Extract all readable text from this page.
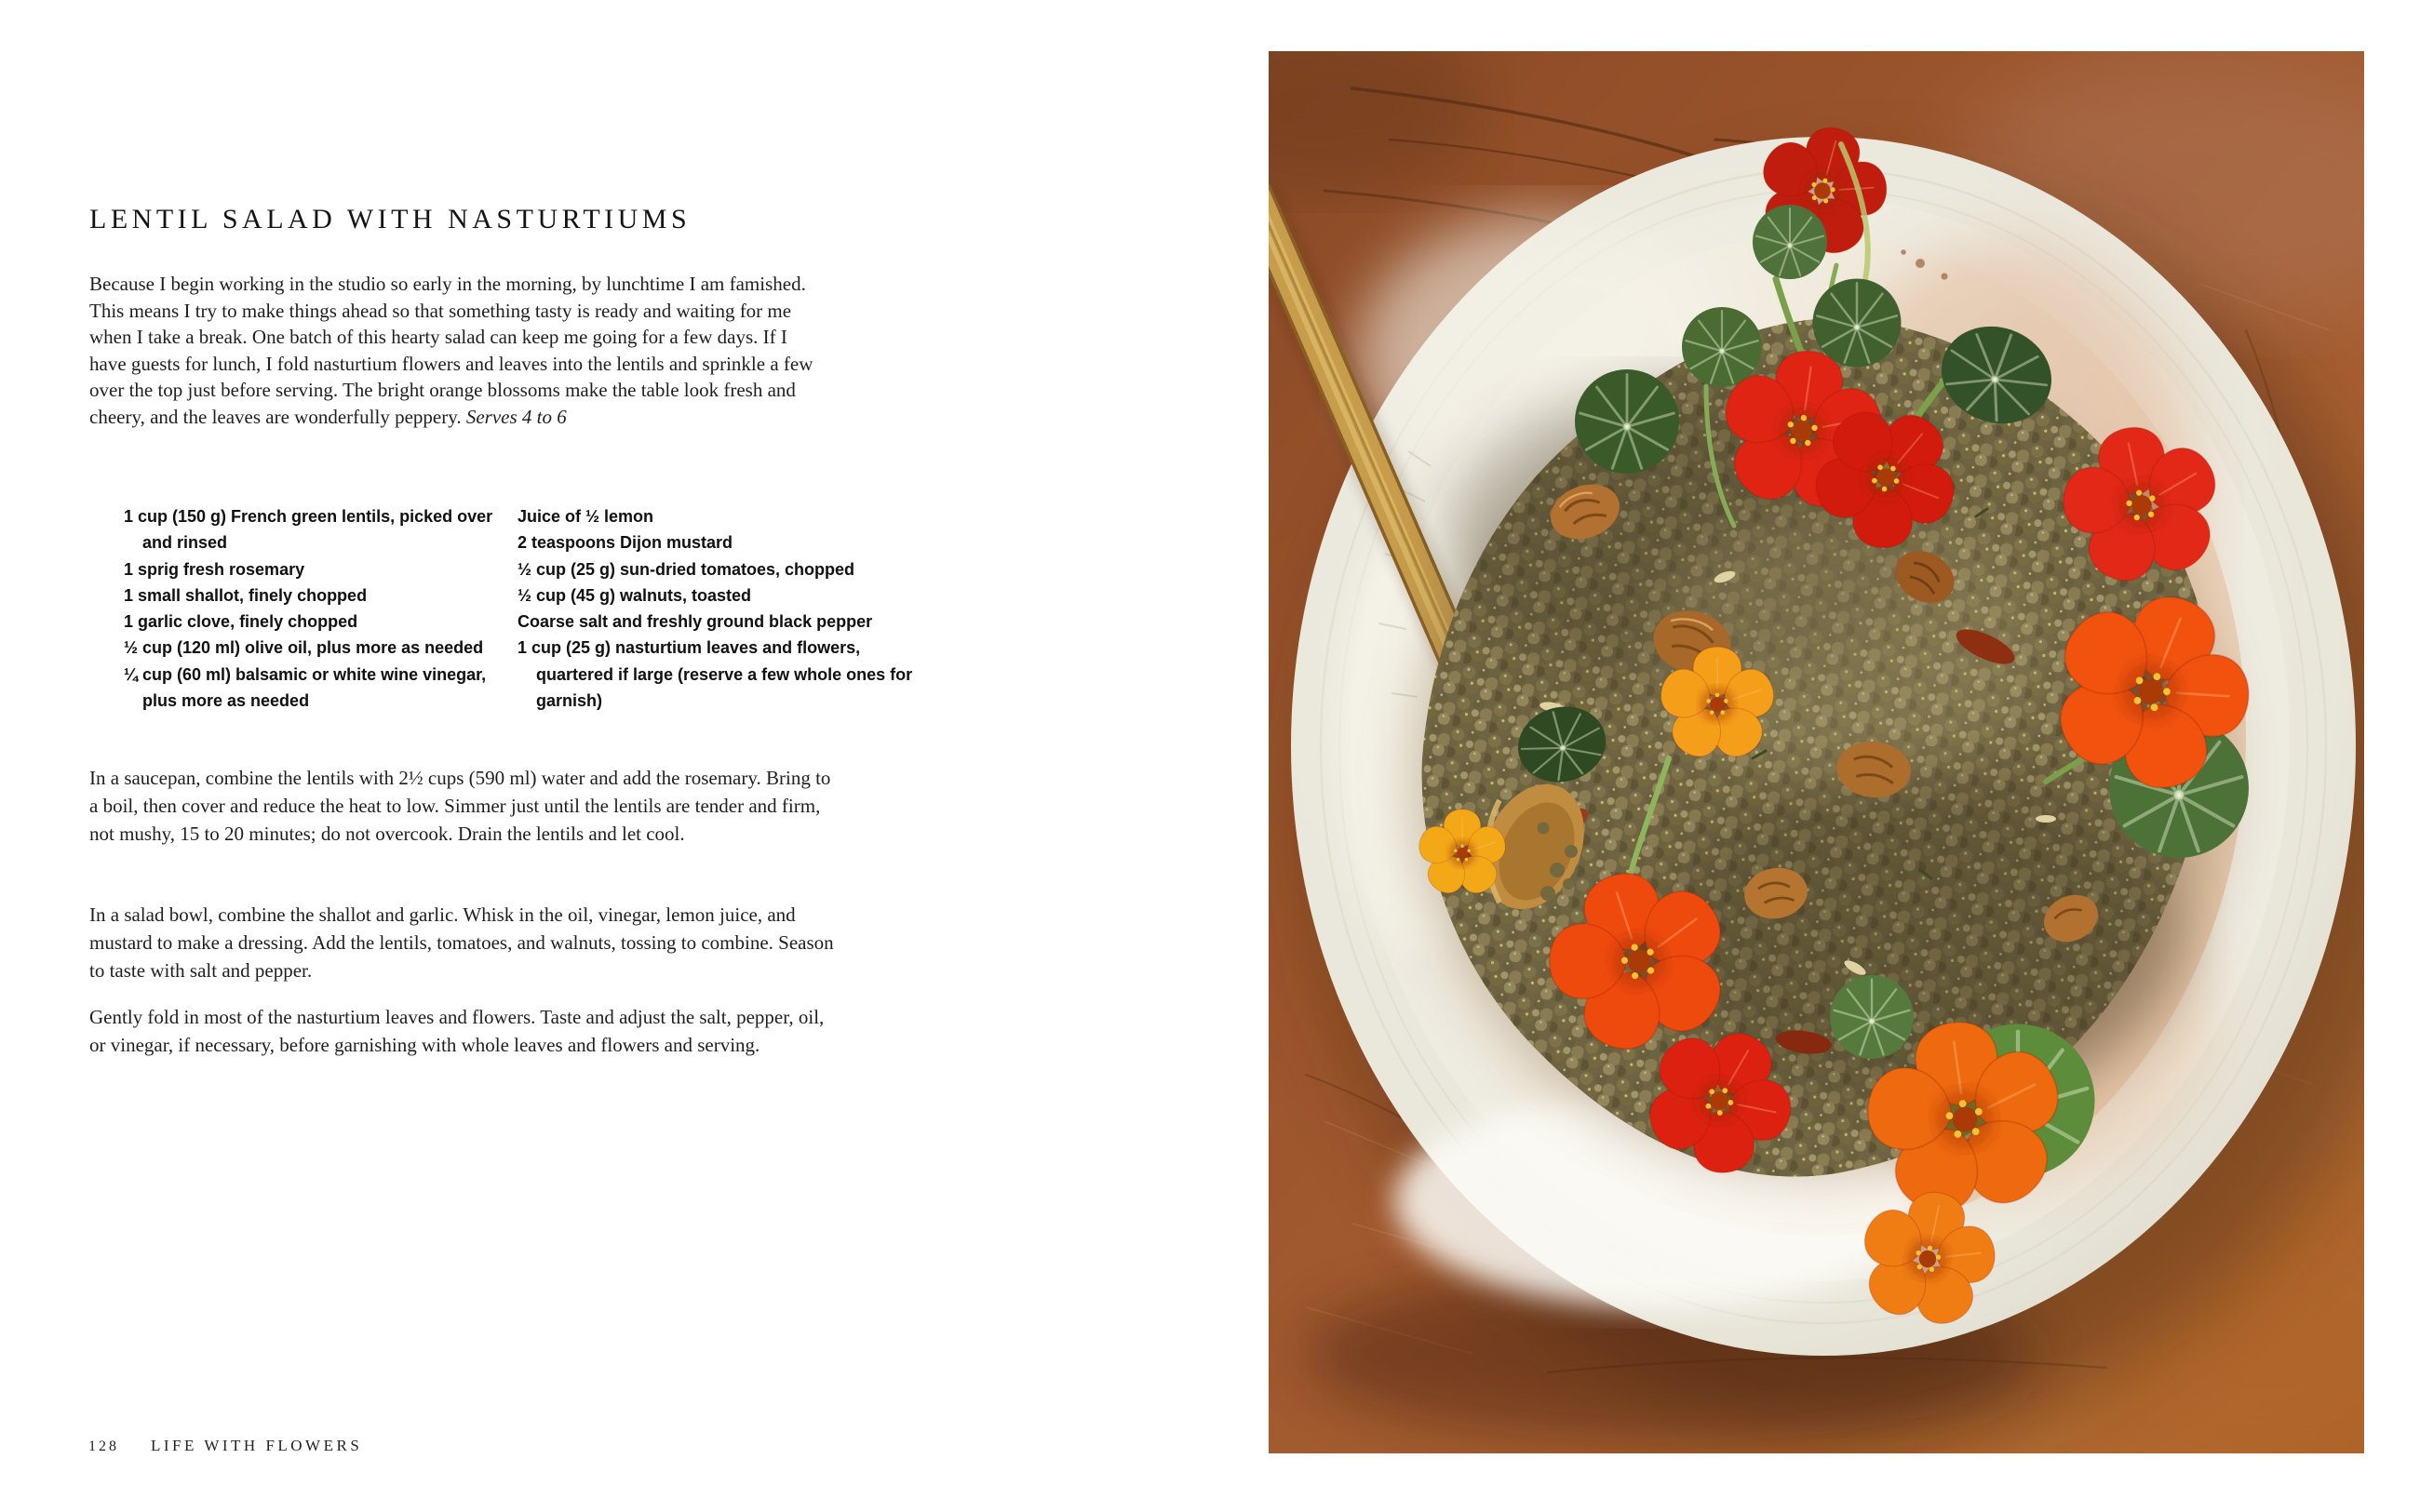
LENTIL SALAD WITH NASTURTIUMS

Because I begin working in the studio so early in the morning, by lunchtime I am famished. This means I try to make things ahead so that something tasty is ready and waiting for me when I take a break. One batch of this hearty salad can keep me going for a few days. If I have guests for lunch, I fold nasturtium flowers and leaves into the lentils and sprinkle a few over the top just before serving. The bright orange blossoms make the table look fresh and cheery, and the leaves are wonderfully peppery. Serves 4 to 6

1 cup (150 g) French green lentils, picked over and rinsed
1 sprig fresh rosemary
1 small shallot, finely chopped
1 garlic clove, finely chopped
½ cup (120 ml) olive oil, plus more as needed
¼ cup (60 ml) balsamic or white wine vinegar, plus more as needed
Juice of ½ lemon
2 teaspoons Dijon mustard
½ cup (25 g) sun-dried tomatoes, chopped
½ cup (45 g) walnuts, toasted
Coarse salt and freshly ground black pepper
1 cup (25 g) nasturtium leaves and flowers, quartered if large (reserve a few whole ones for garnish)

In a saucepan, combine the lentils with 2½ cups (590 ml) water and add the rosemary. Bring to a boil, then cover and reduce the heat to low. Simmer just until the lentils are tender and firm, not mushy, 15 to 20 minutes; do not overcook. Drain the lentils and let cool.

In a salad bowl, combine the shallot and garlic. Whisk in the oil, vinegar, lemon juice, and mustard to make a dressing. Add the lentils, tomatoes, and walnuts, tossing to combine. Season to taste with salt and pepper.

Gently fold in most of the nasturtium leaves and flowers. Taste and adjust the salt, pepper, oil, or vinegar, if necessary, before garnishing with whole leaves and flowers and serving.

128 LIFE WITH FLOWERS
